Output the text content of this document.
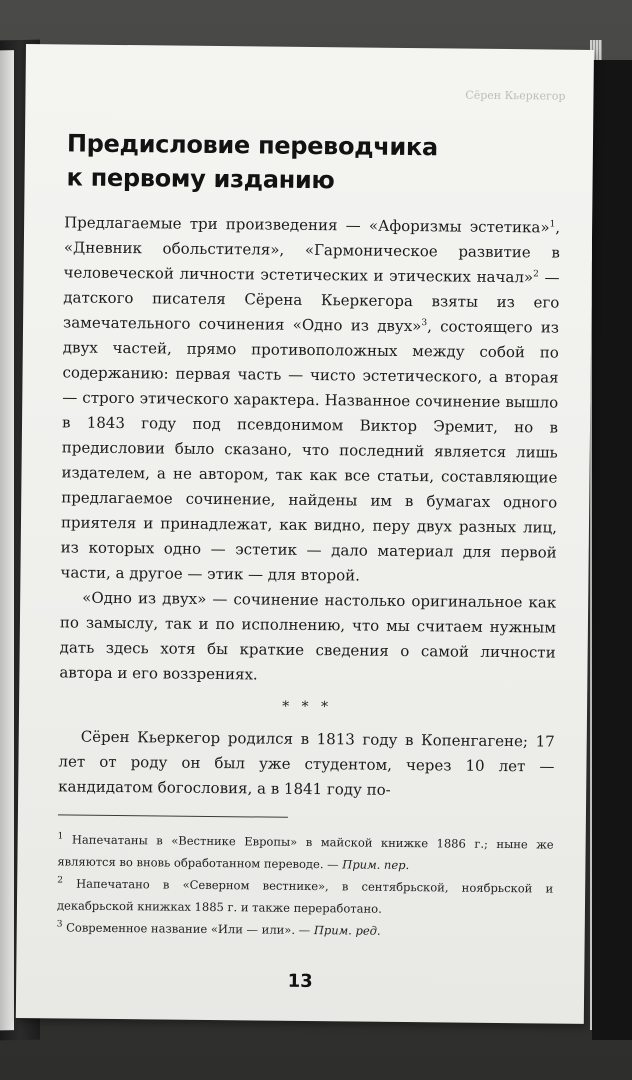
Сёрен Кьеркегор
Предисловие переводчика
к первому изданию

Предлагаемые три произведения — «Афоризмы эстетика»$^1$, «Дневник обольстителя», «Гармоническое развитие в человеческой личности эстетических и этических начал»$^2$ — датского писателя Сёрена Кьеркегора взяты из его замечательного сочинения «Одно из двух»$^3$, состоящего из двух частей, прямо противоположных между собой по содержанию: первая часть — чисто эстетического, а вторая — строго этического характера. Названное сочинение вышло в 1843 году под псевдонимом Виктор Эремит, но в предисловии было сказано, что последний является лишь издателем, а не автором, так как все статьи, составляющие предлагаемое сочинение, найдены им в бумагах одного приятеля и принадлежат, как видно, перу двух разных лиц, из которых одно — эстетик — дало материал для первой части, а другое — этик — для второй.

«Одно из двух» — сочинение настолько оригинальное как по замыслу, так и по исполнению, что мы считаем нужным дать здесь хотя бы краткие сведения о самой личности автора и его воззрениях.

* * *

Сёрен Кьеркегор родился в 1813 году в Копенгагене; 17 лет от роду он был уже студентом, через 10 лет — кандидатом богословия, а в 1841 году по-

$^1$ Напечатаны в «Вестнике Европы» в майской книжке 1886 г.; ныне же являются во вновь обработанном переводе. — Прим. пер.

$^2$ Напечатано в «Северном вестнике», в сентябрьской, ноябрьской и декабрьской книжках 1885 г. и также переработано.

$^3$ Современное название «Или — или». — Прим. ред.

13
